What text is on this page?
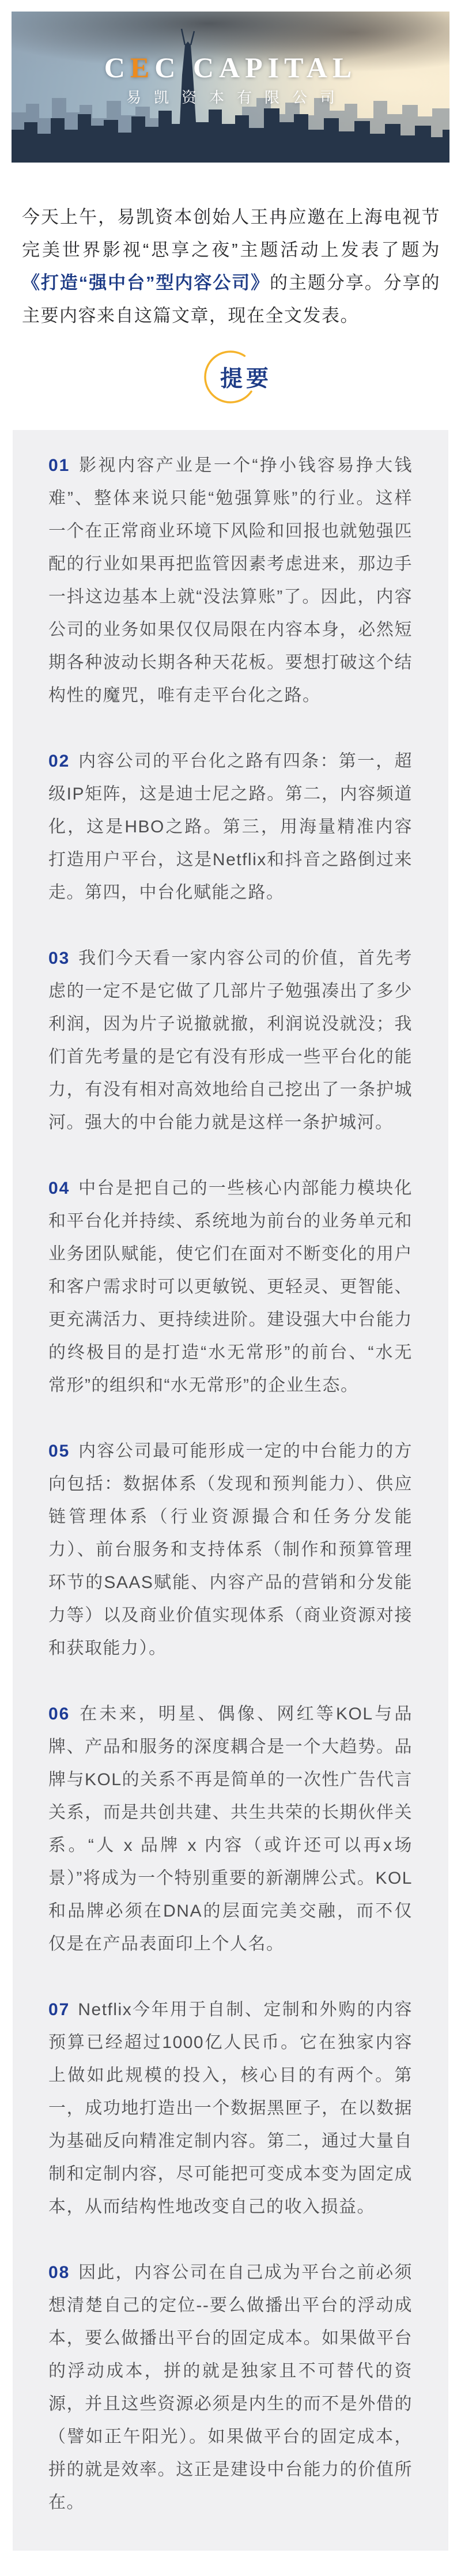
CEC CAPITAL
易凯资本有限公司

今天上午，易凯资本创始人王冉应邀在上海电视节完美世界影视“思享之夜”主题活动上发表了题为《打造“强中台”型内容公司》的主题分享。分享的主要内容来自这篇文章，现在全文发表。

提要

01 影视内容产业是一个“挣小钱容易挣大钱难”、整体来说只能“勉强算账”的行业。这样一个在正常商业环境下风险和回报也就勉强匹配的行业如果再把监管因素考虑进来，那边手一抖这边基本上就“没法算账”了。因此，内容公司的业务如果仅仅局限在内容本身，必然短期各种波动长期各种天花板。要想打破这个结构性的魔咒，唯有走平台化之路。

02 内容公司的平台化之路有四条：第一，超级IP矩阵，这是迪士尼之路。第二，内容频道化，这是HBO之路。第三，用海量精准内容打造用户平台，这是Netflix和抖音之路倒过来走。第四，中台化赋能之路。

03 我们今天看一家内容公司的价值，首先考虑的一定不是它做了几部片子勉强凑出了多少利润，因为片子说撤就撤，利润说没就没；我们首先考量的是它有没有形成一些平台化的能力，有没有相对高效地给自己挖出了一条护城河。强大的中台能力就是这样一条护城河。

04 中台是把自己的一些核心内部能力模块化和平台化并持续、系统地为前台的业务单元和业务团队赋能，使它们在面对不断变化的用户和客户需求时可以更敏锐、更轻灵、更智能、更充满活力、更持续进阶。建设强大中台能力的终极目的是打造“水无常形”的前台、“水无常形”的组织和“水无常形”的企业生态。

05 内容公司最可能形成一定的中台能力的方向包括：数据体系（发现和预判能力）、供应链管理体系（行业资源撮合和任务分发能力）、前台服务和支持体系（制作和预算管理环节的SAAS赋能、内容产品的营销和分发能力等）以及商业价值实现体系（商业资源对接和获取能力）。

06 在未来，明星、偶像、网红等KOL与品牌、产品和服务的深度耦合是一个大趋势。品牌与KOL的关系不再是简单的一次性广告代言关系，而是共创共建、共生共荣的长期伙伴关系。“人 x 品牌 x 内容（或许还可以再x场景）”将成为一个特别重要的新潮牌公式。KOL和品牌必须在DNA的层面完美交融，而不仅仅是在产品表面印上个人名。

07 Netflix今年用于自制、定制和外购的内容预算已经超过1000亿人民币。它在独家内容上做如此规模的投入，核心目的有两个。第一，成功地打造出一个数据黑匣子，在以数据为基础反向精准定制内容。第二，通过大量自制和定制内容，尽可能把可变成本变为固定成本，从而结构性地改变自己的收入损益。

08 因此，内容公司在自己成为平台之前必须想清楚自己的定位--要么做播出平台的浮动成本，要么做播出平台的固定成本。如果做平台的浮动成本，拼的就是独家且不可替代的资源，并且这些资源必须是内生的而不是外借的（譬如正午阳光）。如果做平台的固定成本，拼的就是效率。这正是建设中台能力的价值所在。
